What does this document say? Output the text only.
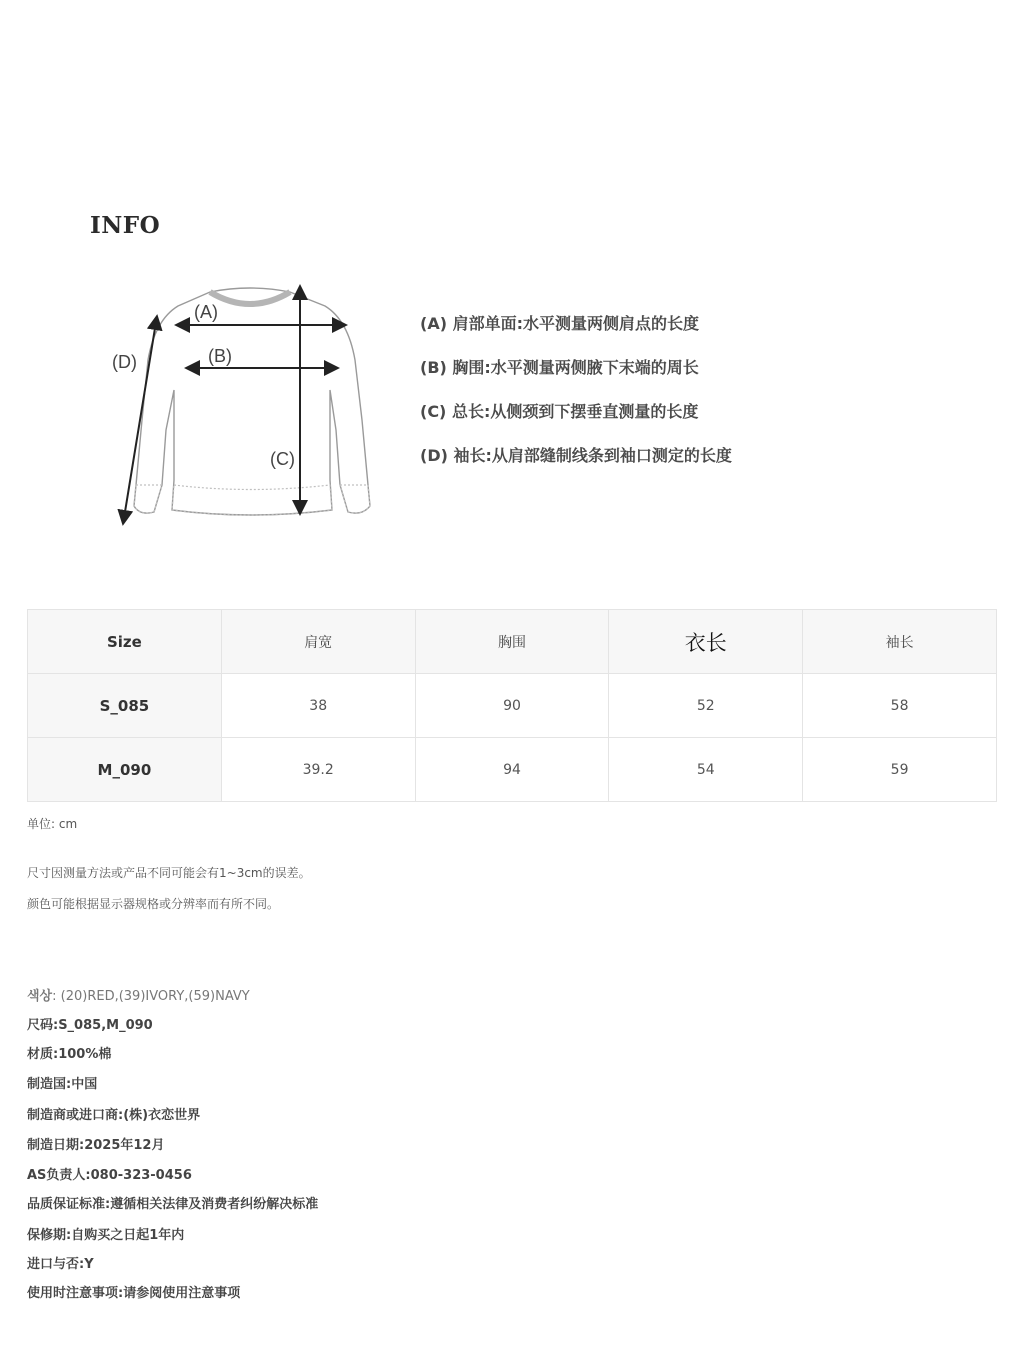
INFO
(A)
(B)
(C)
(D)
(A) 肩部单面:水平测量两侧肩点的长度
(B) 胸围:水平测量两侧腋下末端的周长
(C) 总长:从侧颈到下摆垂直测量的长度
(D) 袖长:从肩部缝制线条到袖口测定的长度
Size	肩宽	胸围	衣长	袖长
S_085	38	90	52	58
M_090	39.2	94	54	59
单位: cm
尺寸因测量方法或产品不同可能会有1~3cm的误差。
颜色可能根据显示器规格或分辨率而有所不同。
색상: (20)RED,(39)IVORY,(59)NAVY
尺码:S_085,M_090
材质:100%棉
制造国:中国
制造商或进口商:(株)衣恋世界
制造日期:2025年12月
AS负责人:080-323-0456
品质保证标准:遵循相关法律及消费者纠纷解决标准
保修期:自购买之日起1年内
进口与否:Y
使用时注意事项:请参阅使用注意事项
